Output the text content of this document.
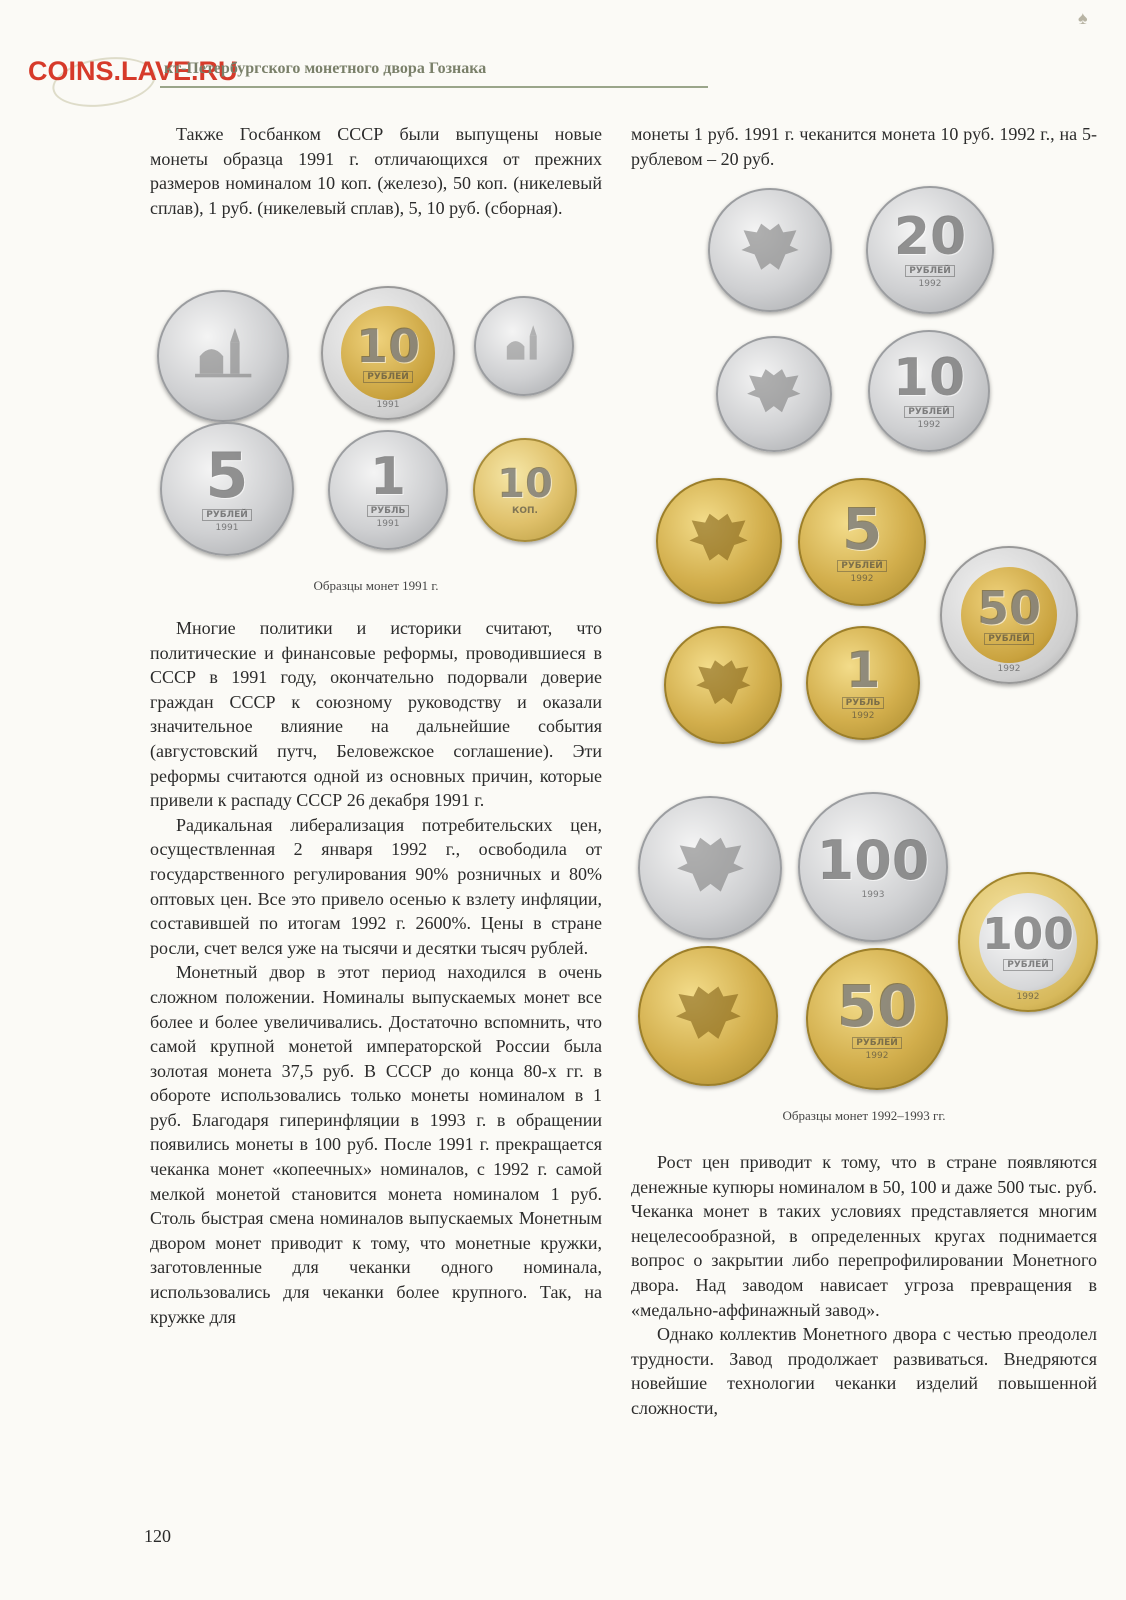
COINS.LAVE.RU
кт-Петербургского монетного двора Гознака
♠

Также Госбанком СССР были выпущены новые монеты образца 1991 г. отличающихся от прежних размеров номиналом 10 коп. (железо), 50 коп. (никелевый сплав), 1 руб. (никелевый сплав), 5, 10 руб. (сборная).

10
РУБЛЕЙ
1991
5
РУБЛЕЙ
1991
1
РУБЛЬ
1991
10
КОП.
Образцы монет 1991 г.

Многие политики и историки считают, что политические и финансовые реформы, проводившиеся в СССР в 1991 году, окончательно подорвали доверие граждан СССР к союзному руководству и оказали значительное влияние на дальнейшие события (августовский путч, Беловежское соглашение). Эти реформы считаются одной из основных причин, которые привели к распаду СССР 26 декабря 1991 г.

Радикальная либерализация потребительских цен, осуществленная 2 января 1992 г., освободила от государственного регулирования 90% розничных и 80% оптовых цен. Все это привело осенью к взлету инфляции, составившей по итогам 1992 г. 2600%. Цены в стране росли, счет велся уже на тысячи и десятки тысяч рублей.

Монетный двор в этот период находился в очень сложном положении. Номиналы выпускаемых монет все более и более увеличивались. Достаточно вспомнить, что самой крупной монетой императорской России была золотая монета 37,5 руб. В СССР до конца 80-х гг. в обороте использовались только монеты номиналом в 1 руб. Благодаря гиперинфляции в 1993 г. в обращении появились монеты в 100 руб. После 1991 г. прекращается чеканка монет «копеечных» номиналов, с 1992 г. самой мелкой монетой становится монета номиналом 1 руб. Столь быстрая смена номиналов выпускаемых Монетным двором монет приводит к тому, что монетные кружки, заготовленные для чеканки одного номинала, использовались для чеканки более крупного. Так, на кружке для

монеты 1 руб. 1991 г. чеканится монета 10 руб. 1992 г., на 5-рублевом – 20 руб.

20
РУБЛЕЙ
1992
10
РУБЛЕЙ
1992
5
РУБЛЕЙ
1992
50
РУБЛЕЙ
1992
1
РУБЛЬ
1992
100
1993
100
РУБЛЕЙ
1992
50
РУБЛЕЙ
1992
Образцы монет 1992–1993 гг.

Рост цен приводит к тому, что в стране появляются денежные купюры номиналом в 50, 100 и даже 500 тыс. руб. Чеканка монет в таких условиях представляется многим нецелесообразной, в определенных кругах поднимается вопрос о закрытии либо перепрофилировании Монетного двора. Над заводом нависает угроза превращения в «медально-аффинажный завод».

Однако коллектив Монетного двора с честью преодолел трудности. Завод продолжает развиваться. Внедряются новейшие технологии чеканки изделий повышенной сложности,

120
